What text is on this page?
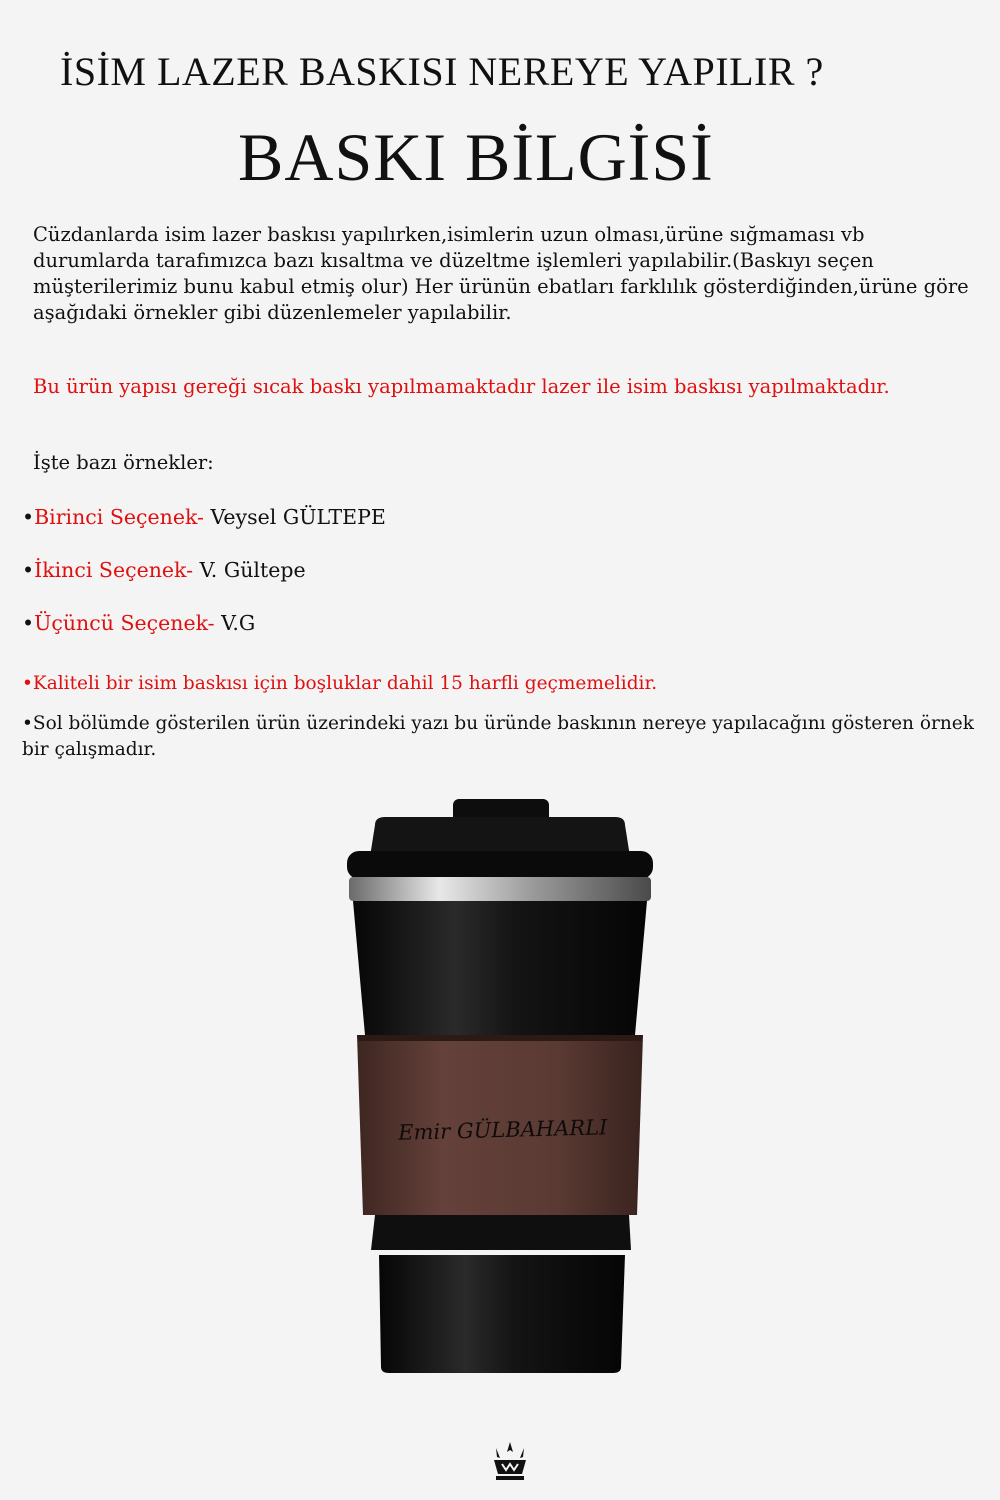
İSİM LAZER BASKISI NEREYE YAPILIR ?
BASKI BİLGİSİ

Cüzdanlarda isim lazer baskısı yapılırken,isimlerin uzun olması,ürüne sığmaması vb durumlarda tarafımızca bazı kısaltma ve düzeltme işlemleri yapılabilir.(Baskıyı seçen müşterilerimiz bunu kabul etmiş olur) Her ürünün ebatları farklılık gösterdiğinden,ürüne göre aşağıdaki örnekler gibi düzenlemeler yapılabilir.

Bu ürün yapısı gereği sıcak baskı yapılmamaktadır lazer ile isim baskısı yapılmaktadır.

İşte bazı örnekler:

•Birinci Seçenek- Veysel GÜLTEPE
•İkinci Seçenek- V. Gültepe
•Üçüncü Seçenek- V.G
•Kaliteli bir isim baskısı için boşluklar dahil 15 harfli geçmemelidir.
•Sol bölümde gösterilen ürün üzerindeki yazı bu üründe baskının nereye yapılacağını gösteren örnek bir çalışmadır.
Emir GÜLBAHARLI
